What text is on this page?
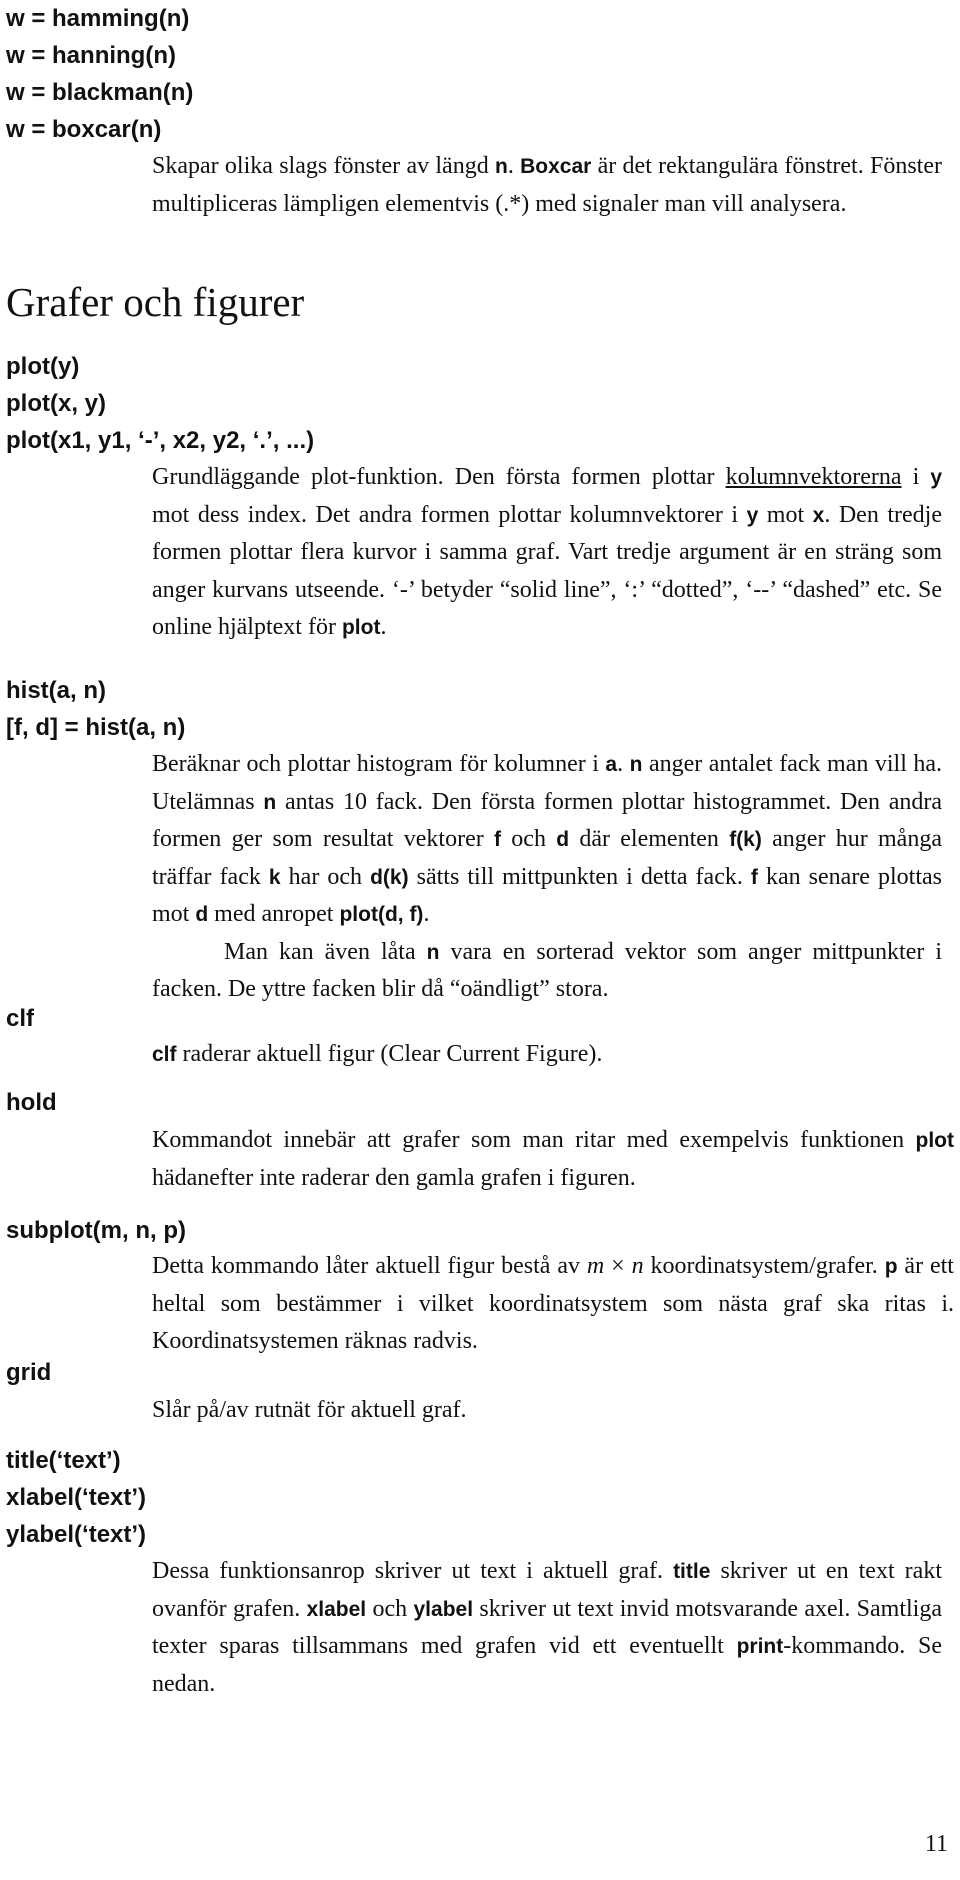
w = hamming(n)

w = hanning(n)

w = blackman(n)

w = boxcar(n)

Skapar olika slags fönster av längd n. Boxcar är det rektangulära fönstret. Fönster multipliceras lämpligen elementvis (.*) med signaler man vill analysera.

Grafer och figurer

plot(y)

plot(x, y)

plot(x1, y1, ‘-’, x2, y2, ‘.’, ...)

Grundläggande plot-funktion. Den första formen plottar kolumnvektorerna i y mot dess index. Det andra formen plottar kolumnvektorer i y mot x. Den tredje formen plottar flera kurvor i samma graf. Vart tredje argument är en sträng som anger kurvans utseende. ‘-’ betyder “solid line”, ‘:’ “dotted”, ‘--’ “dashed” etc. Se online hjälptext för plot.

hist(a, n)

[f, d] = hist(a, n)

Beräknar och plottar histogram för kolumner i a. n anger antalet fack man vill ha. Utelämnas n antas 10 fack. Den första formen plottar histogrammet. Den andra formen ger som resultat vektorer f och d där elementen f(k) anger hur många träffar fack k har och d(k) sätts till mittpunkten i detta fack. f kan senare plottas mot d med anropet plot(d, f).

Man kan även låta n vara en sorterad vektor som anger mittpunkter i facken. De yttre facken blir då “oändligt” stora.

clf

clf raderar aktuell figur (Clear Current Figure).

hold

Kommandot innebär att grafer som man ritar med exempelvis funktionen plot hädanefter inte raderar den gamla grafen i figuren.

subplot(m, n, p)

Detta kommando låter aktuell figur bestå av m × n koordinatsystem/grafer. p är ett heltal som bestämmer i vilket koordinatsystem som nästa graf ska ritas i. Koordinatsystemen räknas radvis.

grid

Slår på/av rutnät för aktuell graf.

title(‘text’)

xlabel(‘text’)

ylabel(‘text’)

Dessa funktionsanrop skriver ut text i aktuell graf. title skriver ut en text rakt ovanför grafen. xlabel och ylabel skriver ut text invid motsvarande axel. Samtliga texter sparas tillsammans med grafen vid ett eventuellt print-kommando. Se nedan.

11
